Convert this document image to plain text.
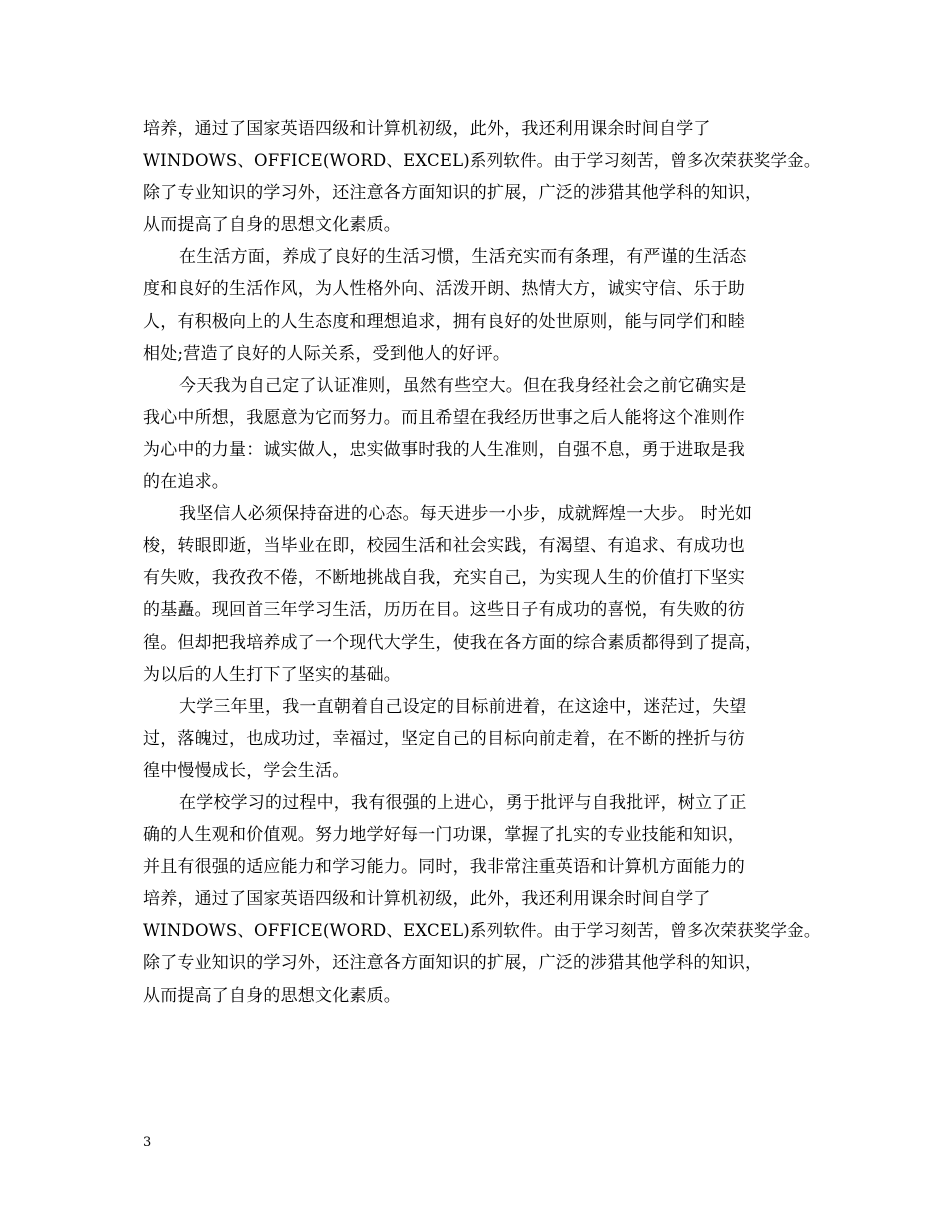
培养，通过了国家英语四级和计算机初级，此外，我还利用课余时间自学了
WINDOWS、OFFICE(WORD、EXCEL)系列软件。由于学习刻苦，曾多次荣获奖学金。
除了专业知识的学习外，还注意各方面知识的扩展，广泛的涉猎其他学科的知识，
从而提高了自身的思想文化素质。
在生活方面，养成了良好的生活习惯，生活充实而有条理，有严谨的生活态
度和良好的生活作风，为人性格外向、活泼开朗、热情大方，诚实守信、乐于助
人，有积极向上的人生态度和理想追求，拥有良好的处世原则，能与同学们和睦
相处;营造了良好的人际关系，受到他人的好评。
今天我为自己定了认证准则，虽然有些空大。但在我身经社会之前它确实是
我心中所想，我愿意为它而努力。而且希望在我经历世事之后人能将这个准则作
为心中的力量：诚实做人，忠实做事时我的人生准则，自强不息，勇于进取是我
的在追求。
我坚信人必须保持奋进的心态。每天进步一小步，成就辉煌一大步。 时光如
梭，转眼即逝，当毕业在即，校园生活和社会实践，有渴望、有追求、有成功也
有失败，我孜孜不倦，不断地挑战自我，充实自己，为实现人生的价值打下坚实
的基矗。现回首三年学习生活，历历在目。这些日子有成功的喜悦，有失败的彷
徨。但却把我培养成了一个现代大学生，使我在各方面的综合素质都得到了提高，
为以后的人生打下了坚实的基础。
大学三年里，我一直朝着自己设定的目标前进着，在这途中，迷茫过，失望
过，落魄过，也成功过，幸福过，坚定自己的目标向前走着，在不断的挫折与彷
徨中慢慢成长，学会生活。
在学校学习的过程中，我有很强的上进心，勇于批评与自我批评，树立了正
确的人生观和价值观。努力地学好每一门功课，掌握了扎实的专业技能和知识，
并且有很强的适应能力和学习能力。同时，我非常注重英语和计算机方面能力的
培养，通过了国家英语四级和计算机初级，此外，我还利用课余时间自学了
WINDOWS、OFFICE(WORD、EXCEL)系列软件。由于学习刻苦，曾多次荣获奖学金。
除了专业知识的学习外，还注意各方面知识的扩展，广泛的涉猎其他学科的知识，
从而提高了自身的思想文化素质。
3
